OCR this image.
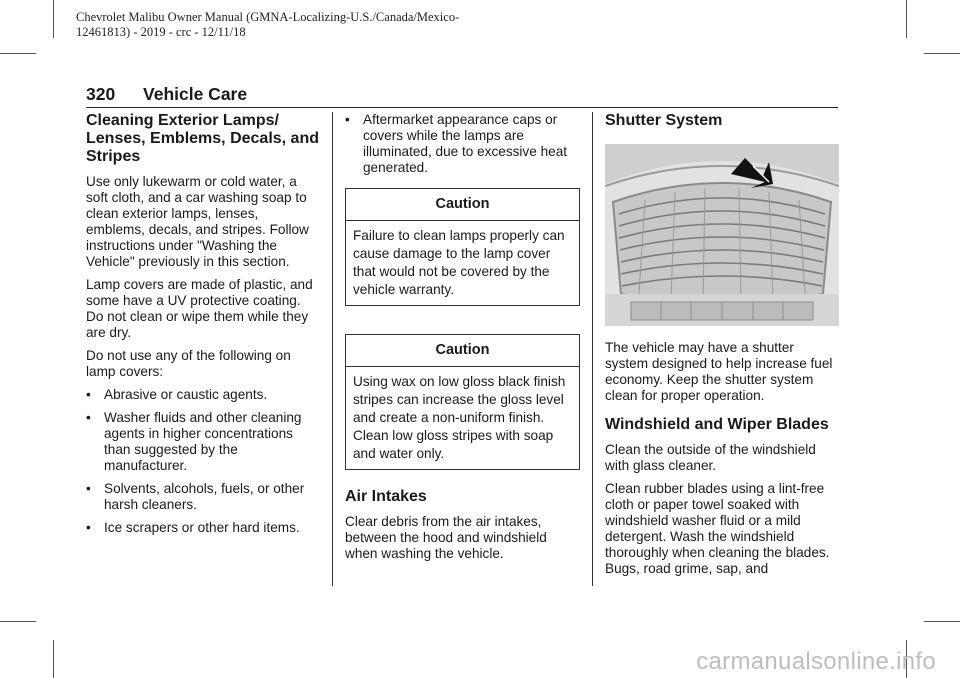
Chevrolet Malibu Owner Manual (GMNA-Localizing-U.S./Canada/Mexico-
12461813) - 2019 - crc - 12/11/18
320 Vehicle Care
Cleaning Exterior Lamps/ Lenses, Emblems, Decals, and Stripes

Use only lukewarm or cold water, a soft cloth, and a car washing soap to clean exterior lamps, lenses, emblems, decals, and stripes. Follow instructions under "Washing the Vehicle" previously in this section.

Lamp covers are made of plastic, and some have a UV protective coating. Do not clean or wipe them while they are dry.

Do not use any of the following on lamp covers:

• Abrasive or caustic agents.
• Washer fluids and other cleaning agents in higher concentrations than suggested by the manufacturer.
• Solvents, alcohols, fuels, or other harsh cleaners.
• Ice scrapers or other hard items.
• Aftermarket appearance caps or covers while the lamps are illuminated, due to excessive heat generated.
Caution
Failure to clean lamps properly can cause damage to the lamp cover that would not be covered by the vehicle warranty.
Caution
Using wax on low gloss black finish stripes can increase the gloss level and create a non-uniform finish. Clean low gloss stripes with soap and water only.
Air Intakes

Clear debris from the air intakes, between the hood and windshield when washing the vehicle.

Shutter System

The vehicle may have a shutter system designed to help increase fuel economy. Keep the shutter system clean for proper operation.

Windshield and Wiper Blades

Clean the outside of the windshield with glass cleaner.

Clean rubber blades using a lint-free cloth or paper towel soaked with windshield washer fluid or a mild detergent. Wash the windshield thoroughly when cleaning the blades. Bugs, road grime, sap, and

carmanualsonline.info
